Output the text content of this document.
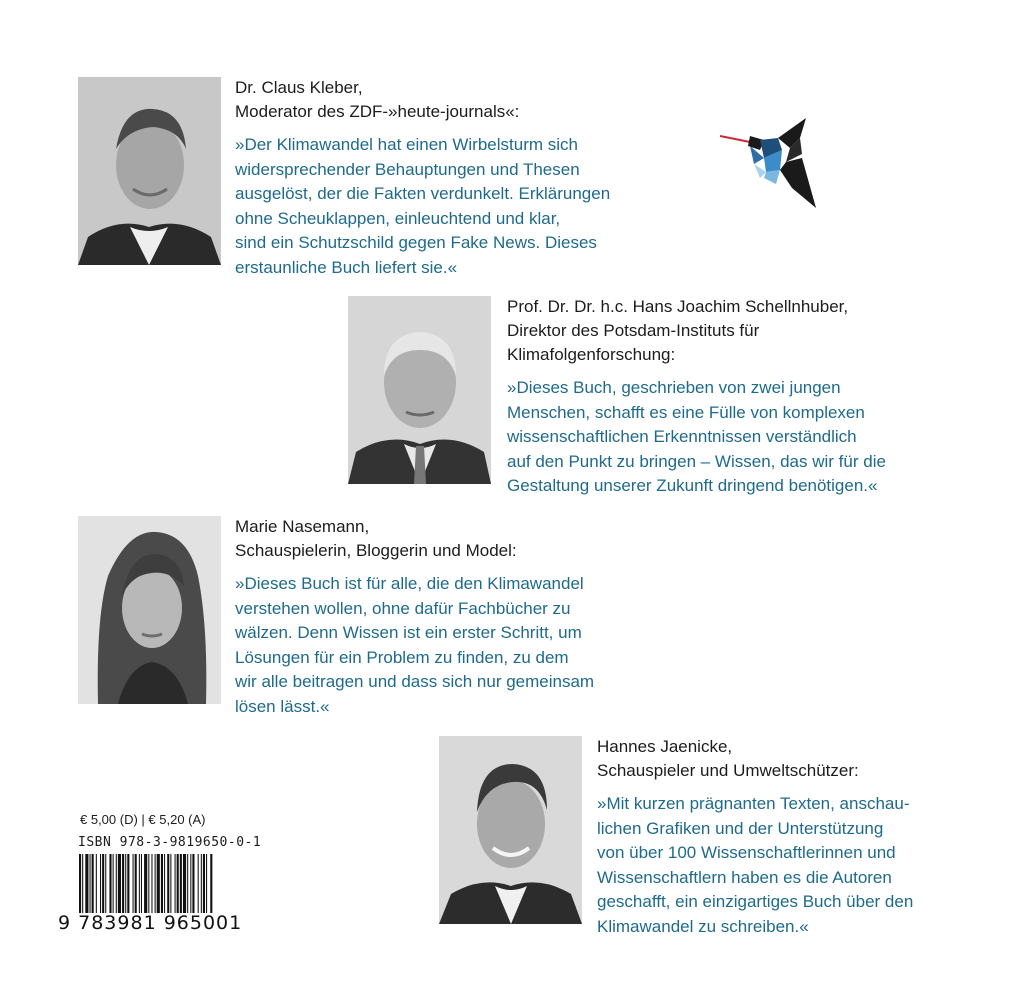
Dr. Claus Kleber,
Moderator des ZDF-»heute-journals«:
»Der Klimawandel hat einen Wirbelsturm sich
widersprechender Behauptungen und Thesen
ausgelöst, der die Fakten verdunkelt. Erklärungen
ohne Scheuklappen, einleuchtend und klar,
sind ein Schutzschild gegen Fake News. Dieses
erstaunliche Buch liefert sie.«
Prof. Dr. Dr. h.c. Hans Joachim Schellnhuber,
Direktor des Potsdam-Instituts für
Klimafolgenforschung:
»Dieses Buch, geschrieben von zwei jungen
Menschen, schafft es eine Fülle von komplexen
wissenschaftlichen Erkenntnissen verständlich
auf den Punkt zu bringen – Wissen, das wir für die
Gestaltung unserer Zukunft dringend benötigen.«
Marie Nasemann,
Schauspielerin, Bloggerin und Model:
»Dieses Buch ist für alle, die den Klimawandel
verstehen wollen, ohne dafür Fachbücher zu
wälzen. Denn Wissen ist ein erster Schritt, um
Lösungen für ein Problem zu finden, zu dem
wir alle beitragen und dass sich nur gemeinsam
lösen lässt.«
Hannes Jaenicke,
Schauspieler und Umweltschützer:
»Mit kurzen prägnanten Texten, anschau-
lichen Grafiken und der Unterstützung
von über 100 Wissenschaftlerinnen und
Wissenschaftlern haben es die Autoren
geschafft, ein einzigartiges Buch über den
Klimawandel zu schreiben.«
€ 5,00 (D) | € 5,20 (A)
ISBN 978-3-9819650-0-1
9 783981 965001
